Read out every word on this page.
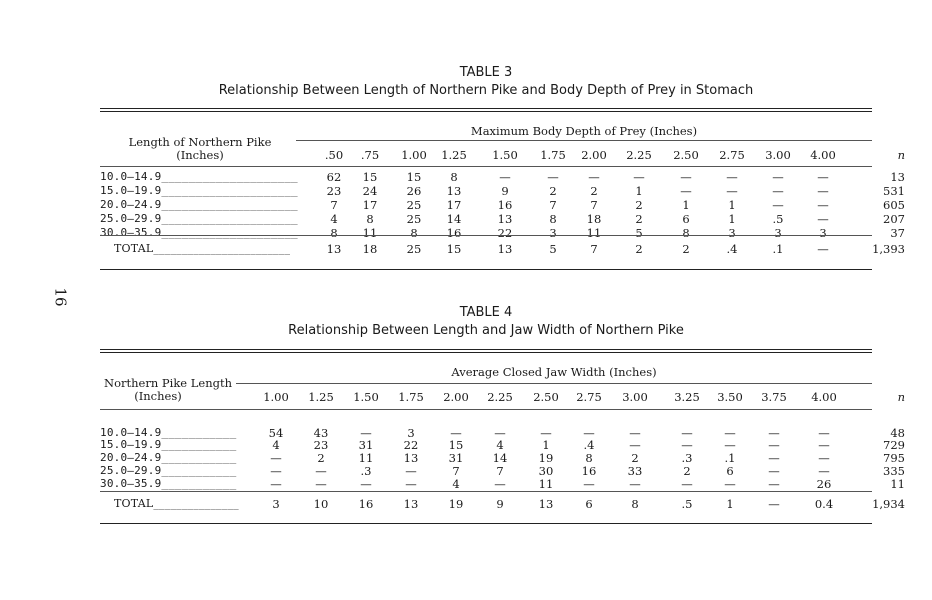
16
TABLE 3
Relationship Between Length of Northern Pike and Body Depth of Prey in Stomach
Length of Northern Pike
(Inches)
Maximum Body Depth of Prey (Inches)
.50	.75	1.00	1.25	1.50	1.75	2.00	2.25	2.50	2.75	3.00	4.00	n
10.0–14.9____________________	62	15	15	8	—	—	—	—	—	—	—	—	13
15.0–19.9____________________	23	24	26	13	9	2	2	1	—	—	—	—	531
20.0–24.9____________________	7	17	25	17	16	7	7	2	1	1	—	—	605
25.0–29.9____________________	4	8	25	14	13	8	18	2	6	1	.5	—	207
30.0–35.9____________________	8	11	8	16	22	3	11	5	8	3	3	3	37
TOTAL________________________	13	18	25	15	13	5	7	2	2	.4	.1	—	1,393
TABLE 4
Relationship Between Length and Jaw Width of Northern Pike
Northern Pike Length
(Inches)
Average Closed Jaw Width (Inches)
1.00	1.25	1.50	1.75	2.00	2.25	2.50	2.75	3.00	3.25	3.50	3.75	4.00	n
10.0–14.9___________	54	43	—	3	—	—	—	—	—	—	—	—	—	48
15.0–19.9___________	4	23	31	22	15	4	1	.4	—	—	—	—	—	729
20.0–24.9___________	—	2	11	13	31	14	19	8	2	.3	.1	—	—	795
25.0–29.9___________	—	—	.3	—	7	7	30	16	33	2	6	—	—	335
30.0–35.9___________	—	—	—	—	4	—	11	—	—	—	—	—	26	11
TOTAL_______________	3	10	16	13	19	9	13	6	8	.5	1	—	0.4	1,934
